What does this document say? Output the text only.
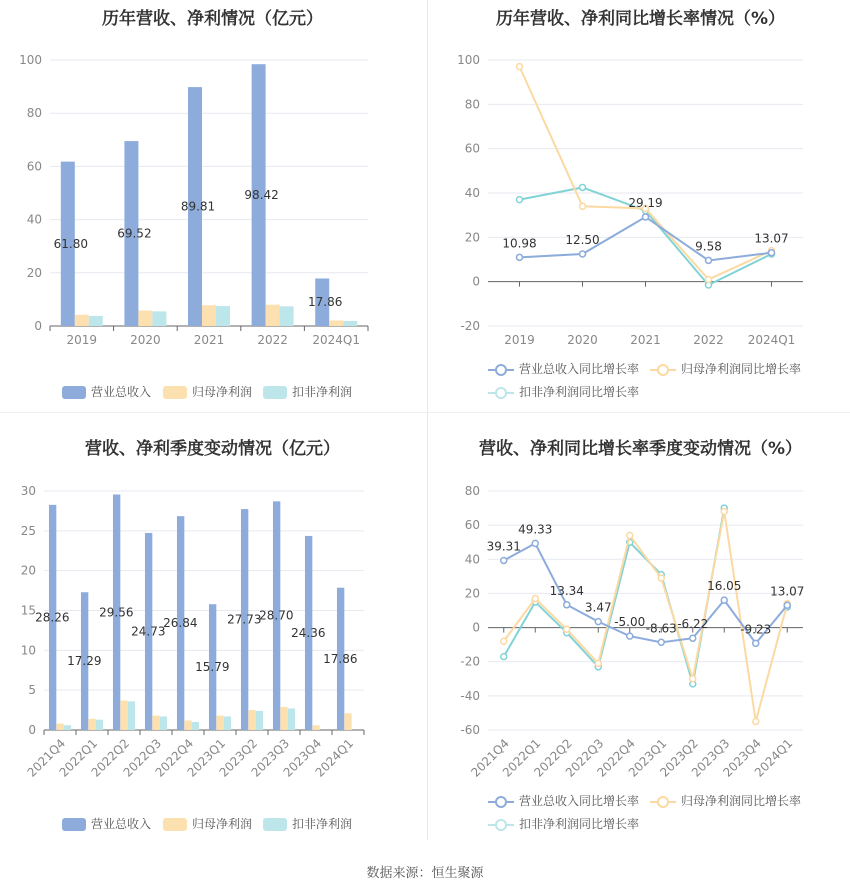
历年营收、净利情况（亿元）
0
20
40
60
80
100
61.80
2019
69.52
2020
89.81
2021
98.42
2022
17.86
2024Q1
营业总收入	归母净利润	扣非净利润
历年营收、净利同比增长率情况（%）
-20
0
20
40
60
80
100
2019	2020	2021	2022 2024Q1
10.98 12.50
29.19
9.58
13.07
营业总收入同比增长率	归母净利润同比增长率
扣非净利润同比增长率
营收、净利季度变动情况（亿元）
0
5
10
15
20
25
30
28.26
2021Q4
17.29
2022Q1
29.56
2022Q2
24.73
2022Q3
26.84
2022Q4
15.79
2023Q1
27.73
2023Q2
28.70
2023Q3
24.36
2023Q4
17.86
2024Q1
营业总收入	归母净利润	扣非净利润
营收、净利同比增长率季度变动情况（%）
-60
-40
-20
0
20
40
60
80
2021Q4
2022Q1
2022Q2
2022Q3
2022Q4
2023Q1
2023Q2
2023Q3
2023Q4
2024Q1
39.31
49.33
13.34
3.47
-5.00 -8.63 -6.22
16.05
-9.23
13.07
营业总收入同比增长率	归母净利润同比增长率
扣非净利润同比增长率
数据来源：恒生聚源
